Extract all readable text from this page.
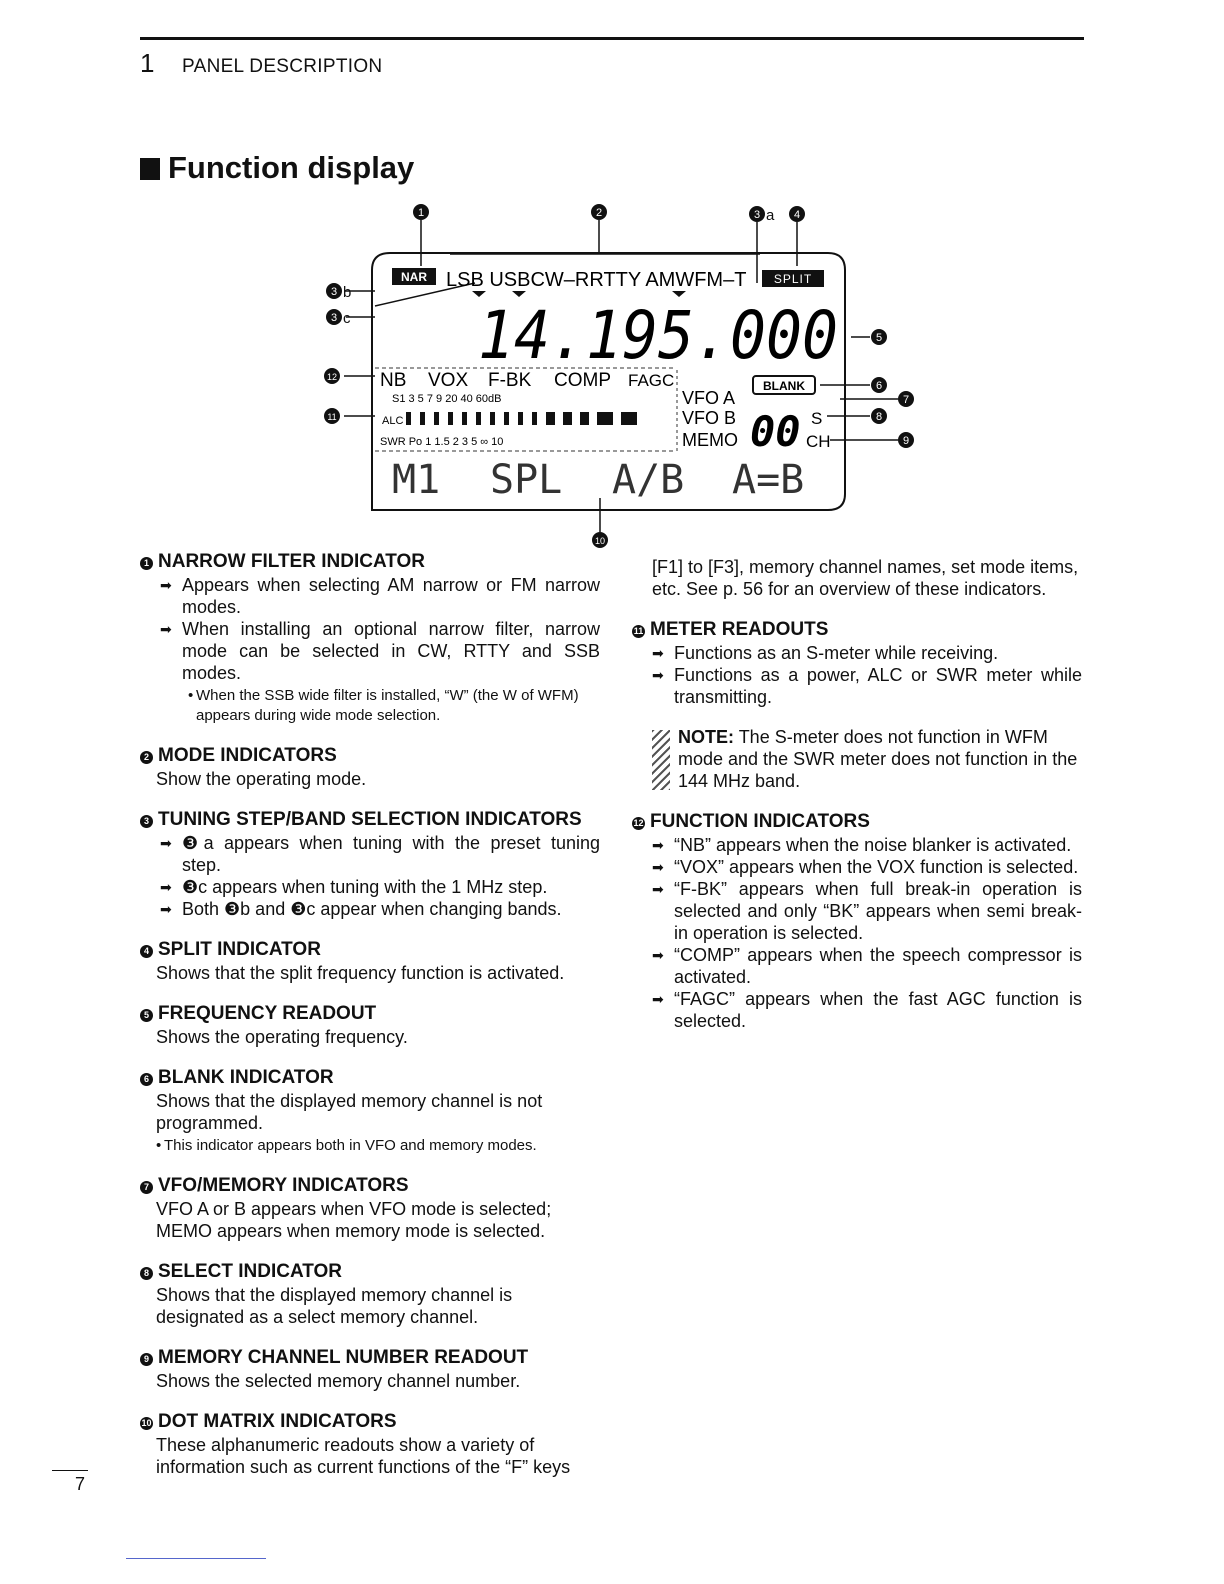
1 PANEL DESCRIPTION
Function display
1	2	3 a 4
3 b
3 c
12
11
5
6
7
8
9
10
NAR LSB USBCW–RRTTY AMWFM–T SPLIT
14.195.000
NB VOX F-BK COMP FAGC
S1 3 5 7 9 20 40 60dB
ALC
SWR Po 1 1.5 2 3 5 ∞ 10
VFO A
VFO B
MEMO
BLANK
00 S
CH
M1 SPL A/B A=B
1 NARROW FILTER INDICATOR
➡ Appears when selecting AM narrow or FM narrow modes.
➡ When installing an optional narrow filter, narrow mode can be selected in CW, RTTY and SSB modes.
• When the SSB wide filter is installed, “W” (the W of WFM) appears during wide mode selection.
2 MODE INDICATORS

Show the operating mode.

3 TUNING STEP/BAND SELECTION INDICATORS
➡ ❸a appears when tuning with the preset tuning step.
➡ ❸c appears when tuning with the 1 MHz step.
➡ Both ❸b and ❸c appear when changing bands.
4 SPLIT INDICATOR

Shows that the split frequency function is activated.

5 FREQUENCY READOUT

Shows the operating frequency.

6 BLANK INDICATOR

Shows that the displayed memory channel is not programmed.

• This indicator appears both in VFO and memory modes.
7 VFO/MEMORY INDICATORS

VFO A or B appears when VFO mode is selected; MEMO appears when memory mode is selected.

8 SELECT INDICATOR

Shows that the displayed memory channel is designated as a select memory channel.

9 MEMORY CHANNEL NUMBER READOUT

Shows the selected memory channel number.

10 DOT MATRIX INDICATORS

These alphanumeric readouts show a variety of information such as current functions of the “F” keys

[F1] to [F3], memory channel names, set mode items, etc. See p. 56 for an overview of these indicators.

11 METER READOUTS
➡ Functions as an S-meter while receiving.
➡ Functions as a power, ALC or SWR meter while transmitting.
NOTE: The S-meter does not function in WFM mode and the SWR meter does not function in the 144 MHz band.
12 FUNCTION INDICATORS
➡ “NB” appears when the noise blanker is activated.
➡ “VOX” appears when the VOX function is selected.
➡ “F-BK” appears when full break-in operation is selected and only “BK” appears when semi break-in operation is selected.
➡ “COMP” appears when the speech compressor is activated.
➡ “FAGC” appears when the fast AGC function is selected.
7
